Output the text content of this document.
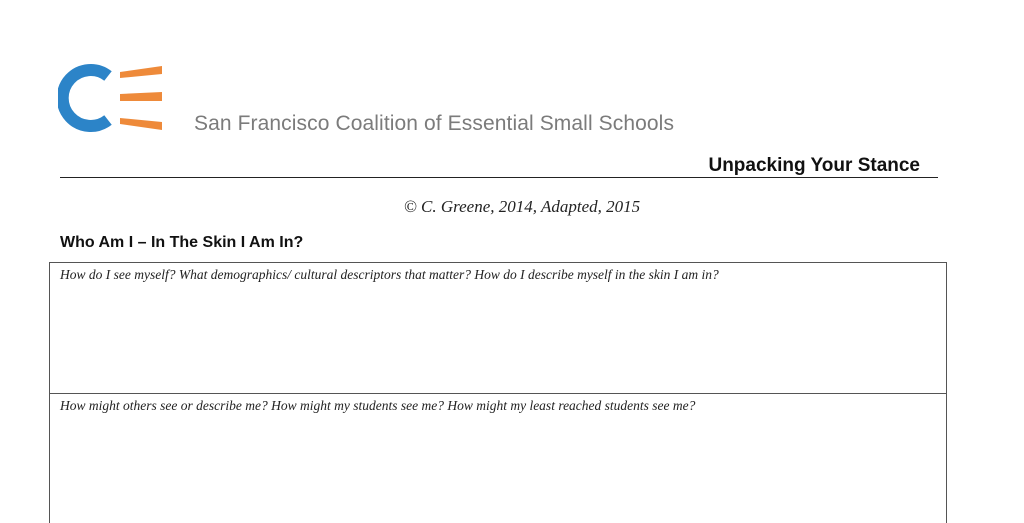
San Francisco Coalition of Essential Small Schools
Unpacking Your Stance
© C. Greene, 2014, Adapted, 2015
Who Am I – In The Skin I Am In?

How do I see myself? What demographics/ cultural descriptors that matter? How do I describe myself in the skin I am in?

How might others see or describe me? How might my students see me? How might my least reached students see me?
